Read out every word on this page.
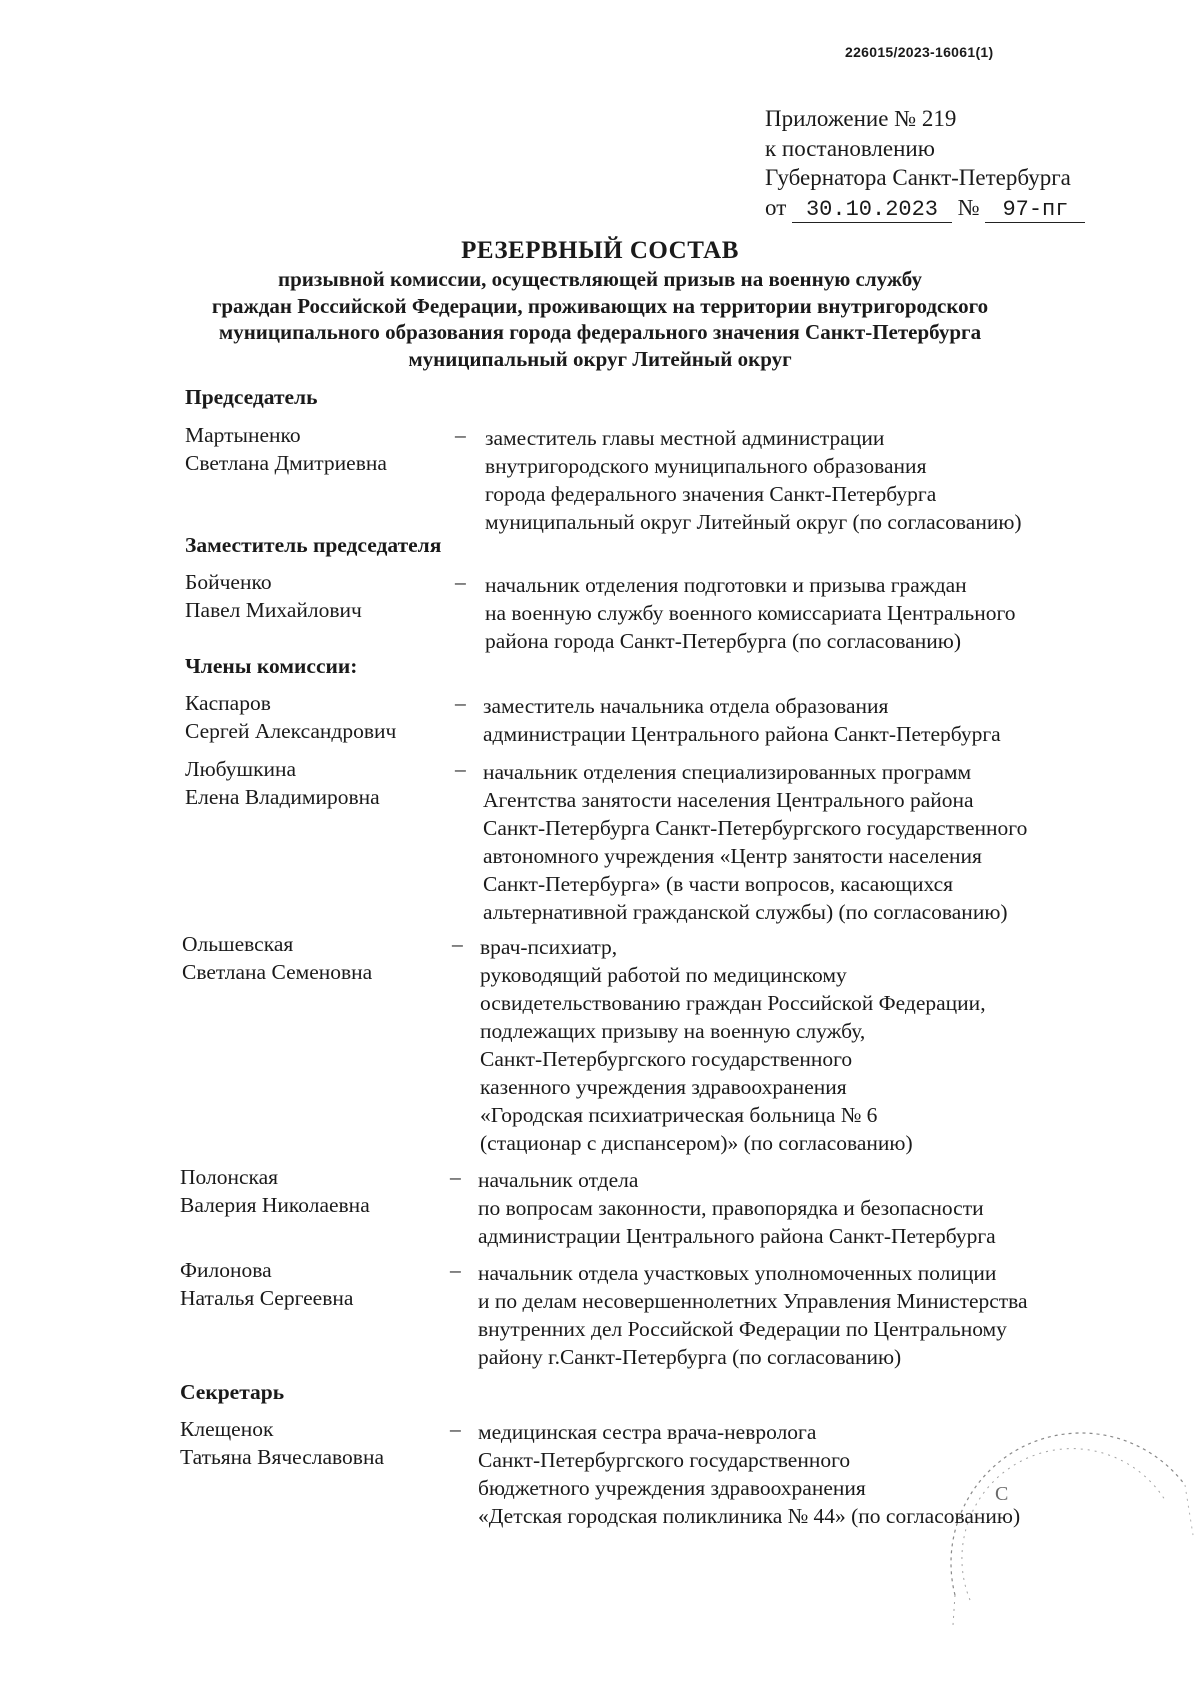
226015/2023-16061(1)
Приложение № 219
к постановлению
Губернатора Санкт-Петербурга
от 30.10.2023 № 97-пг
РЕЗЕРВНЫЙ СОСТАВ
призывной комиссии, осуществляющей призыв на военную службу
граждан Российской Федерации, проживающих на территории внутригородского
муниципального образования города федерального значения Санкт-Петербурга
муниципальный округ Литейный округ
Председатель
Мартыненко
Светлана Дмитриевна
– заместитель главы местной администрации
внутригородского муниципального образования
города федерального значения Санкт-Петербурга
муниципальный округ Литейный округ (по согласованию)
Заместитель председателя
Бойченко
Павел Михайлович
– начальник отделения подготовки и призыва граждан
на военную службу военного комиссариата Центрального
района города Санкт-Петербурга (по согласованию)
Члены комиссии:
Каспаров
Сергей Александрович
– заместитель начальника отдела образования
администрации Центрального района Санкт-Петербурга
Любушкина
Елена Владимировна
– начальник отделения специализированных программ
Агентства занятости населения Центрального района
Санкт-Петербурга Санкт-Петербургского государственного
автономного учреждения «Центр занятости населения
Санкт-Петербурга» (в части вопросов, касающихся
альтернативной гражданской службы) (по согласованию)
Ольшевская
Светлана Семеновна
– врач-психиатр,
руководящий работой по медицинскому
освидетельствованию граждан Российской Федерации,
подлежащих призыву на военную службу,
Санкт-Петербургского государственного
казенного учреждения здравоохранения
«Городская психиатрическая больница № 6
(стационар с диспансером)» (по согласованию)
Полонская
Валерия Николаевна
– начальник отдела
по вопросам законности, правопорядка и безопасности
администрации Центрального района Санкт-Петербурга
Филонова
Наталья Сергеевна
– начальник отдела участковых уполномоченных полиции
и по делам несовершеннолетних Управления Министерства
внутренних дел Российской Федерации по Центральному
району г.Санкт-Петербурга (по согласованию)
Секретарь
Клещенок
Татьяна Вячеславовна
– медицинская сестра врача-невролога
Санкт-Петербургского государственного
бюджетного учреждения здравоохранения
«Детская городская поликлиника № 44» (по согласованию)
С
